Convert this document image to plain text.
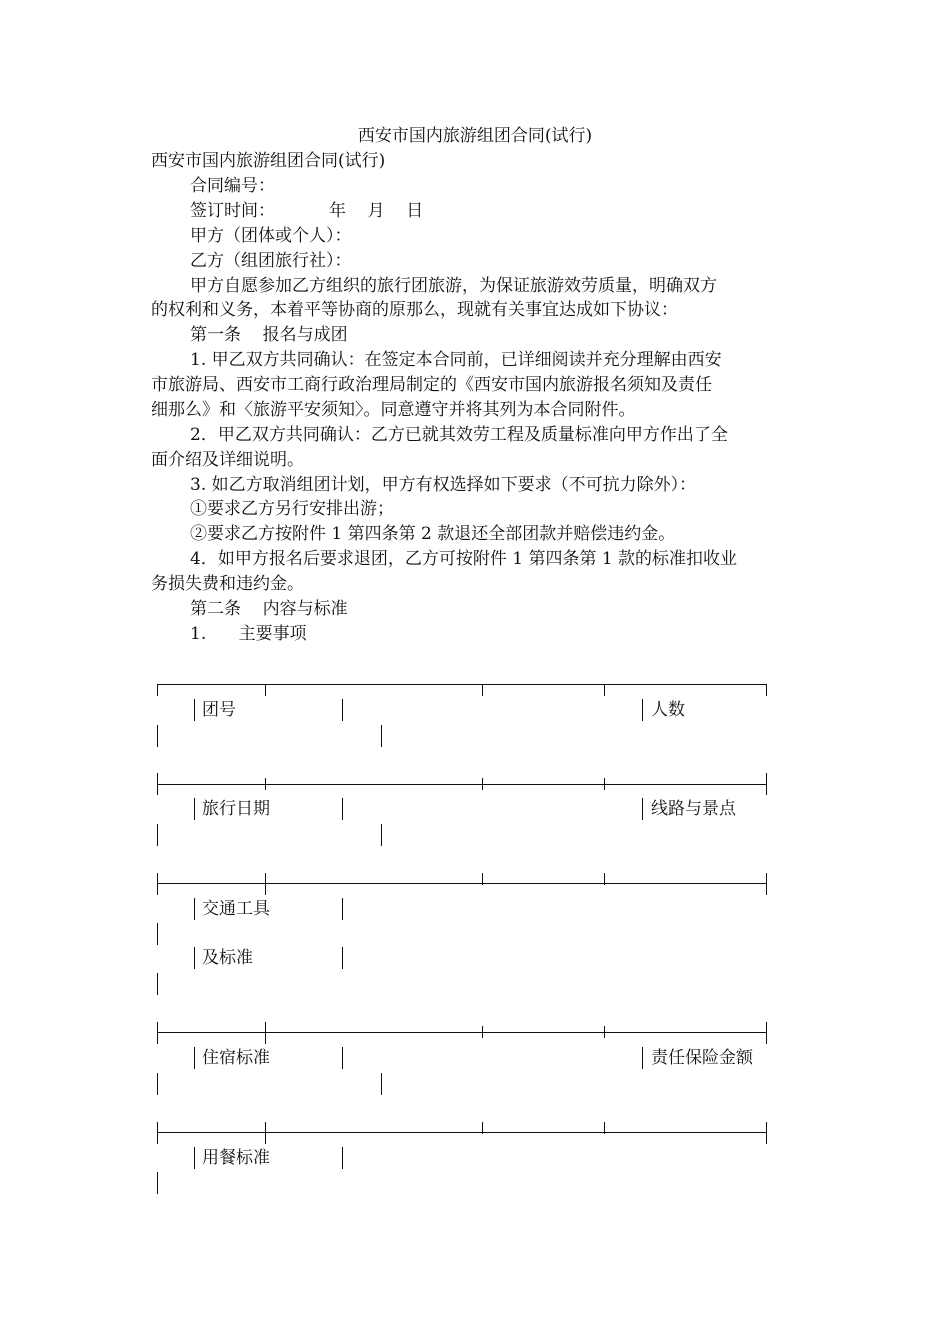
西安市国内旅游组团合同(试行)
西安市国内旅游组团合同(试行)
合同编号：
签订时间：          年    月    日
甲方（团体或个人）：
乙方（组团旅行社）：
甲方自愿参加乙方组织的旅行团旅游，为保证旅游效劳质量，明确双方
的权利和义务，本着平等协商的原那么，现就有关事宜达成如下协议：
第一条    报名与成团
1. 甲乙双方共同确认：在签定本合同前，已详细阅读并充分理解由西安
市旅游局、西安市工商行政治理局制定的《西安市国内旅游报名须知及责任
细那么》和〈旅游平安须知〉。同意遵守并将其列为本合同附件。
2．甲乙双方共同确认：乙方已就其效劳工程及质量标准向甲方作出了全
面介绍及详细说明。
3. 如乙方取消组团计划，甲方有权选择如下要求（不可抗力除外）：
①要求乙方另行安排出游；
②要求乙方按附件 1 第四条第 2 款退还全部团款并赔偿违约金。
4．如甲方报名后要求退团，乙方可按附件 1 第四条第 1 款的标准扣收业
务损失费和违约金。
第二条    内容与标准
1.      主要事项
团号	人数
旅行日期	线路与景点
交通工具
及标准
住宿标准	责任保险金额
用餐标准
